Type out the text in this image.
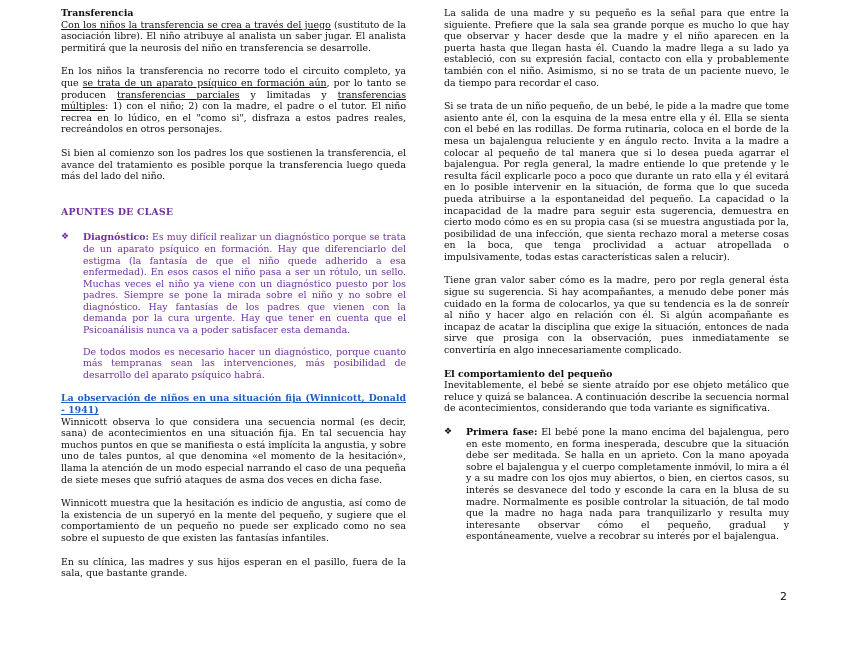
Transferencia

Con los niños la transferencia se crea a través del juego (sustituto de la asociación libre). El niño atribuye al analista un saber jugar. El analista permitirá que la neurosis del niño en transferencia se desarrolle.

En los niños la transferencia no recorre todo el circuito completo, ya que se trata de un aparato psíquico en formación aún, por lo tanto se producen transferencias parciales y limitadas y transferencias múltiples: 1) con el niño; 2) con la madre, el padre o el tutor. El niño recrea en lo lúdico, en el "como si", disfraza a estos padres reales, recreándolos en otros personajes.

Si bien al comienzo son los padres los que sostienen la transferencia, el avance del tratamiento es posible porque la transferencia luego queda más del lado del niño.

APUNTES DE CLASE
❖	Diagnóstico: Es muy difícil realizar un diagnóstico porque se trata de un aparato psíquico en formación. Hay que diferenciarlo del estigma (la fantasía de que el niño quede adherido a esa enfermedad). En esos casos el niño pasa a ser un rótulo, un sello. Muchas veces el niño ya viene con un diagnóstico puesto por los padres. Siempre se pone la mirada sobre el niño y no sobre el diagnóstico. Hay fantasías de los padres que vienen con la demanda por la cura urgente. Hay que tener en cuenta que el Psicoanálisis nunca va a poder satisfacer esta demanda.

De todos modos es necesario hacer un diagnóstico, porque cuanto más tempranas sean las intervenciones, más posibilidad de desarrollo del aparato psíquico habrá.

La observación de niños en una situación fija (Winnicott, Donald - 1941)

Winnicott observa lo que considera una secuencia normal (es decir, sana) de acontecimientos en una situación fija. En tal secuencia hay muchos puntos en que se manifiesta o está implícita la angustia, y sobre uno de tales puntos, al que denomina «el momento de la hesitación», llama la atención de un modo especial narrando el caso de una pequeña de siete meses que sufrió ataques de asma dos veces en dicha fase.

Winnicott muestra que la hesitación es indicio de angustia, así como de la existencia de un superyó en la mente del pequeño, y sugiere que el comportamiento de un pequeño no puede ser explicado como no sea sobre el supuesto de que existen las fantasías infantiles.

En su clínica, las madres y sus hijos esperan en el pasillo, fuera de la sala, que bastante grande.

La salida de una madre y su pequeño es la señal para que entre la siguiente. Prefiere que la sala sea grande porque es mucho lo que hay que observar y hacer desde que la madre y el niño aparecen en la puerta hasta que llegan hasta él. Cuando la madre llega a su lado ya estableció, con su expresión facial, contacto con ella y probablemente también con el niño. Asimismo, si no se trata de un paciente nuevo, le da tiempo para recordar el caso.

Si se trata de un niño pequeño, de un bebé, le pide a la madre que tome asiento ante él, con la esquina de la mesa entre ella y él. Ella se sienta con el bebé en las rodillas. De forma rutinaria, coloca en el borde de la mesa un bajalengua reluciente y en ángulo recto. Invita a la madre a colocar al pequeño de tal manera que si lo desea pueda agarrar el bajalengua. Por regla general, la madre entiende lo que pretende y le resulta fácil explicarle poco a poco que durante un rato ella y él evitará en lo posible intervenir en la situación, de forma que lo que suceda pueda atribuirse a la espontaneidad del pequeño. La capacidad o la incapacidad de la madre para seguir esta sugerencia, demuestra en cierto modo cómo es en su propia casa (si se muestra angustiada por la, posibilidad de una infección, que sienta rechazo moral a meterse cosas en la boca, que tenga proclividad a actuar atropellada o impulsivamente, todas estas características salen a relucir).

Tiene gran valor saber cómo es la madre, pero por regla general ésta sigue su sugerencia. Si hay acompañantes, a menudo debe poner más cuidado en la forma de colocarlos, ya que su tendencia es la de sonreír al niño y hacer algo en relación con él. Si algún acompañante es incapaz de acatar la disciplina que exige la situación, entonces de nada sirve que prosiga con la observación, pues inmediatamente se convertiría en algo innecesariamente complicado.

El comportamiento del pequeño

Inevitablemente, el bebé se siente atraído por ese objeto metálico que reluce y quizá se balancea. A continuación describe la secuencia normal de acontecimientos, considerando que toda variante es significativa.

❖	Primera fase: El bebé pone la mano encima del bajalengua, pero en este momento, en forma inesperada, descubre que la situación debe ser meditada. Se halla en un aprieto. Con la mano apoyada sobre el bajalengua y el cuerpo completamente inmóvil, lo mira a él y a su madre con los ojos muy abiertos, o bien, en ciertos casos, su interés se desvanece del todo y esconde la cara en la blusa de su madre. Normalmente es posible controlar la situación, de tal modo que la madre no haga nada para tranquilizarlo y resulta muy interesante observar cómo el pequeño, gradual y espontáneamente, vuelve a recobrar su interés por el bajalengua.
2
